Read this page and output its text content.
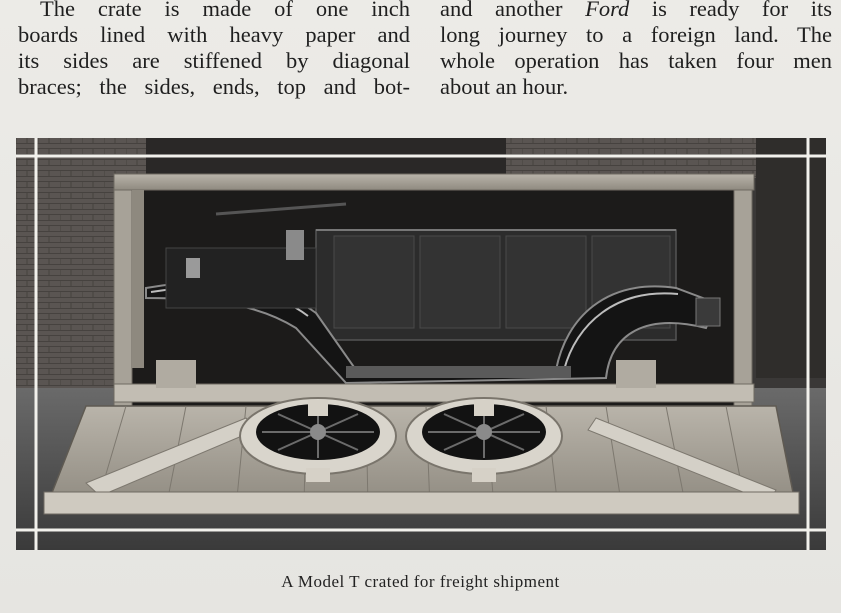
The crate is made of one inch
boards lined with heavy paper and
its sides are stiffened by diagonal
braces; the sides, ends, top and bot-
and another Ford is ready for its
long journey to a foreign land. The
whole operation has taken four men
about an hour.
A Model T crated for freight shipment
